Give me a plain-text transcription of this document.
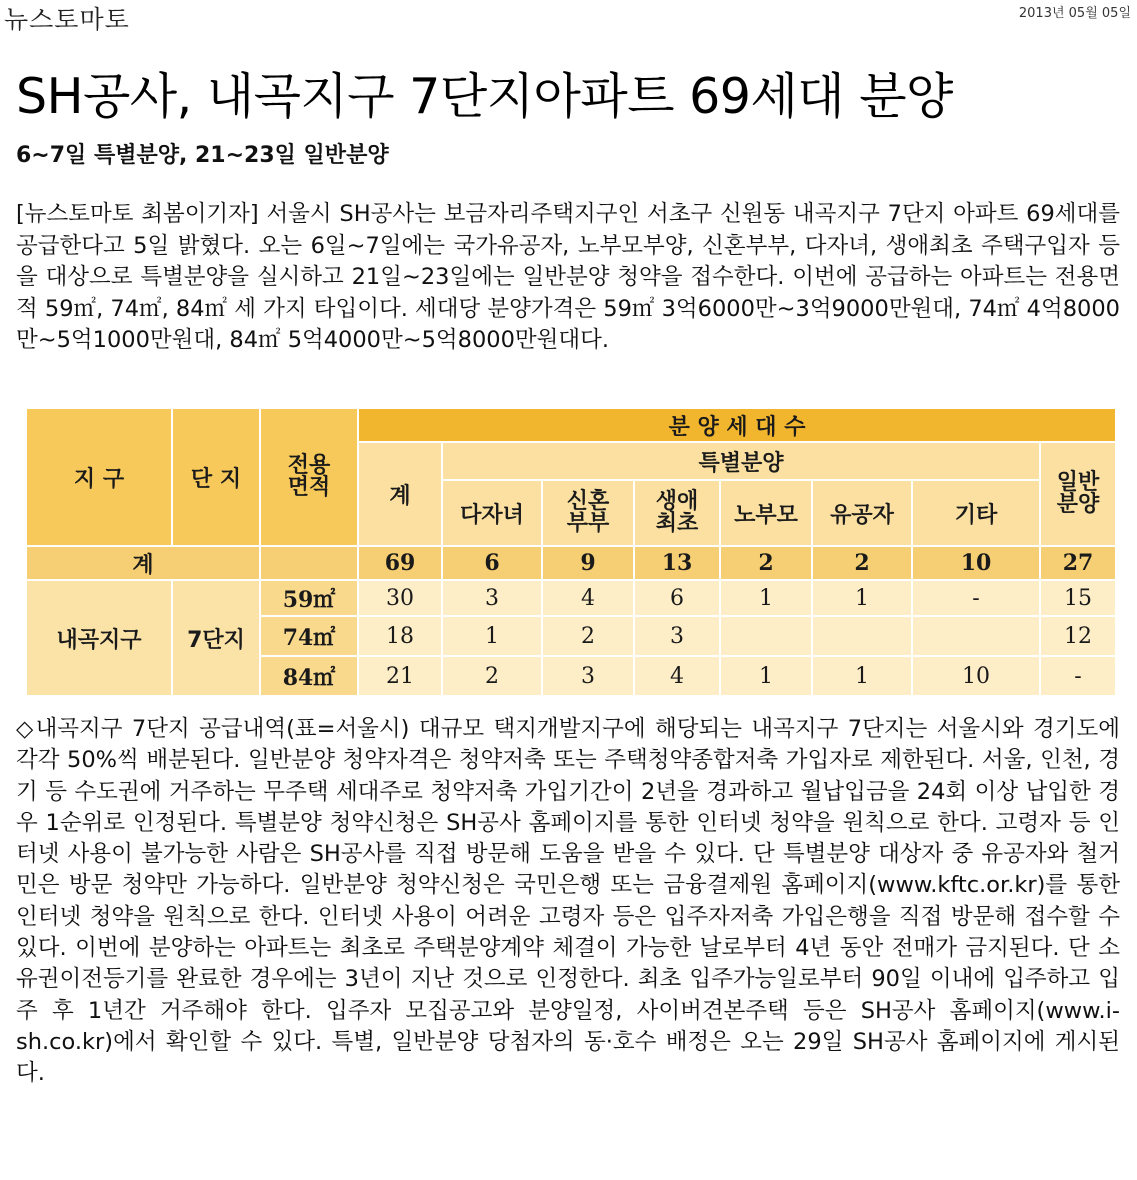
뉴스토마토	2013년 05월 05일
SH공사, 내곡지구 7단지아파트 69세대 분양
6~7일 특별분양, 21~23일 일반분양

[뉴스토마토 최봄이기자] 서울시 SH공사는 보금자리주택지구인 서초구 신원동 내곡지구 7단지 아파트 69세대를 공급한다고 5일 밝혔다. 오는 6일~7일에는 국가유공자, 노부모부양, 신혼부부, 다자녀, 생애최초 주택구입자 등을 대상으로 특별분양을 실시하고 21일~23일에는 일반분양 청약을 접수한다. 이번에 공급하는 아파트는 전용면적 59㎡, 74㎡, 84㎡ 세 가지 타입이다. 세대당 분양가격은 59㎡ 3억6000만~3억9000만원대, 74㎡ 4억8000만~5억1000만원대, 84㎡ 5억4000만~5억8000만원대다.

지 구	단 지	전용면적	분 양 세 대 수							
			계	특별분양						일반분양

				다자녀	신혼부부	생애최초	노부모	유공자	기타	
계			69	6	9	13	2	2	10	27
내곡지구	7단지	59㎡	30	3	4	6	1	1	-	15
		74㎡	18	1	2	3				12
		84㎡	21	2	3	4	1	1	10	-

◇내곡지구 7단지 공급내역(표=서울시) 대규모 택지개발지구에 해당되는 내곡지구 7단지는 서울시와 경기도에 각각 50%씩 배분된다. 일반분양 청약자격은 청약저축 또는 주택청약종합저축 가입자로 제한된다. 서울, 인천, 경기 등 수도권에 거주하는 무주택 세대주로 청약저축 가입기간이 2년을 경과하고 월납입금을 24회 이상 납입한 경우 1순위로 인정된다. 특별분양 청약신청은 SH공사 홈페이지를 통한 인터넷 청약을 원칙으로 한다. 고령자 등 인터넷 사용이 불가능한 사람은 SH공사를 직접 방문해 도움을 받을 수 있다. 단 특별분양 대상자 중 유공자와 철거민은 방문 청약만 가능하다. 일반분양 청약신청은 국민은행 또는 금융결제원 홈페이지(www.kftc.or.kr)를 통한 인터넷 청약을 원칙으로 한다. 인터넷 사용이 어려운 고령자 등은 입주자저축 가입은행을 직접 방문해 접수할 수 있다. 이번에 분양하는 아파트는 최초로 주택분양계약 체결이 가능한 날로부터 4년 동안 전매가 금지된다. 단 소유권이전등기를 완료한 경우에는 3년이 지난 것으로 인정한다. 최초 입주가능일로부터 90일 이내에 입주하고 입주 후 1년간 거주해야 한다. 입주자 모집공고와 분양일정, 사이버견본주택 등은 SH공사 홈페이지(www.i-sh.co.kr)에서 확인할 수 있다. 특별, 일반분양 당첨자의 동·호수 배정은 오는 29일 SH공사 홈페이지에 게시된다.
